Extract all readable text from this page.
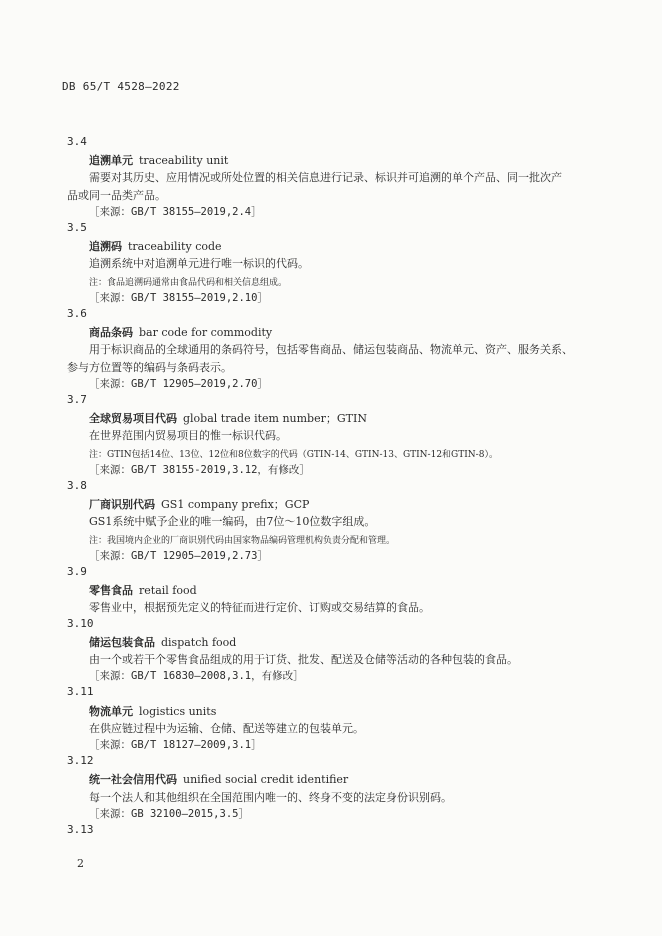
DB 65/T 4528—2022
3.4
追溯单元 traceability unit
需要对其历史、应用情况或所处位置的相关信息进行记录、标识并可追溯的单个产品、同一批次产
品或同一品类产品。
［来源：GB/T 38155—2019,2.4］
3.5
追溯码 traceability code
追溯系统中对追溯单元进行唯一标识的代码。
注：食品追溯码通常由食品代码和相关信息组成。
［来源：GB/T 38155—2019,2.10］
3.6
商品条码 bar code for commodity
用于标识商品的全球通用的条码符号，包括零售商品、储运包装商品、物流单元、资产、服务关系、
参与方位置等的编码与条码表示。
［来源：GB/T 12905—2019,2.70］
3.7
全球贸易项目代码 global trade item number；GTIN
在世界范围内贸易项目的惟一标识代码。
注：GTIN包括14位、13位、12位和8位数字的代码（GTIN-14、GTIN-13、GTIN-12和GTIN-8）。
［来源：GB/T 38155-2019,3.12，有修改］
3.8
厂商识别代码 GS1 company prefix；GCP
GS1系统中赋予企业的唯一编码，由7位～10位数字组成。
注：我国境内企业的厂商识别代码由国家物品编码管理机构负责分配和管理。
［来源：GB/T 12905—2019,2.73］
3.9
零售食品 retail food
零售业中，根据预先定义的特征而进行定价、订购或交易结算的食品。
3.10
储运包装食品 dispatch food
由一个或若干个零售食品组成的用于订货、批发、配送及仓储等活动的各种包装的食品。
［来源：GB/T 16830—2008,3.1，有修改］
3.11
物流单元 logistics units
在供应链过程中为运输、仓储、配送等建立的包装单元。
［来源：GB/T 18127—2009,3.1］
3.12
统一社会信用代码 unified social credit identifier
每一个法人和其他组织在全国范围内唯一的、终身不变的法定身份识别码。
［来源：GB 32100—2015,3.5］
3.13
2
